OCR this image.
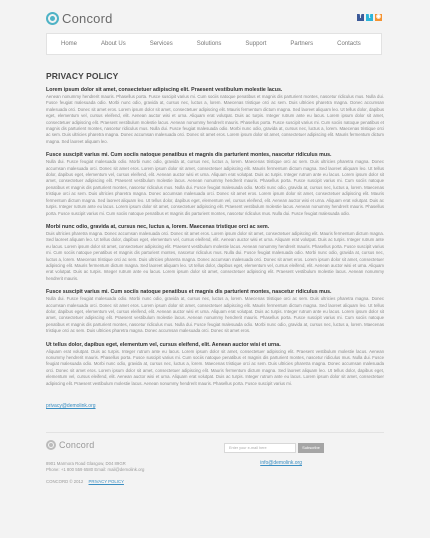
Concord	f	t ◉
Home	About Us	Services	Solutions	Support	Partners	Contacts
PRIVACY POLICY
Lorem ipsum dolor sit amet, consectetuer adipiscing elit. Praesent vestibulum molestie lacus.

Aenean nonummy hendrerit mauris. Phasellus porta. Fusce suscipit varius mi. Cum sociis natoque penatibus et magnis dis parturient montes, nascetur ridiculus mus. Nulla dui. Fusce feugiat malesuada odio. Morbi nunc odio, gravida at, cursus nec, luctus a, lorem. Maecenas tristique orci ac sem. Duis ultricies pharetra magna. Donec accumsan malesuada orci. Donec sit amet eros. Lorem ipsum dolor sit amet, consectetuer adipiscing elit. Mauris fermentum dictum magna. Sed laoreet aliquam leo. Ut tellus dolor, dapibus eget, elementum vel, cursus eleifend, elit. Aenean auctor wisi et urna. Aliquam erat volutpat. Duis ac turpis. Integer rutrum ante eu lacus. Lorem ipsum dolor sit amet, consectetuer adipiscing elit. Praesent vestibulum molestie lacus. Aenean nonummy hendrerit mauris. Phasellus porta. Fusce suscipit varius mi. Cum sociis natoque penatibus et magnis dis parturient montes, nascetur ridiculus mus. Nulla dui. Fusce feugiat malesuada odio. Morbi nunc odio, gravida at, cursus nec, luctus a, lorem. Maecenas tristique orci ac sem. Duis ultricies pharetra magna. Donec accumsan malesuada orci. Donec sit amet eros. Lorem ipsum dolor sit amet, consectetuer adipiscing elit. Mauris fermentum dictum magna. Sed laoreet aliquam leo.

Fusce suscipit varius mi. Cum sociis natoque penatibus et magnis dis parturient montes, nascetur ridiculus mus.

Nulla dui. Fusce feugiat malesuada odio. Morbi nunc odio, gravida at, cursus nec, luctus a, lorem. Maecenas tristique orci ac sem. Duis ultricies pharetra magna. Donec accumsan malesuada orci. Donec sit amet eros. Lorem ipsum dolor sit amet, consectetuer adipiscing elit. Mauris fermentum dictum magna. Sed laoreet aliquam leo. Ut tellus dolor, dapibus eget, elementum vel, cursus eleifend, elit. Aenean auctor wisi et urna. Aliquam erat volutpat. Duis ac turpis. Integer rutrum ante eu lacus. Lorem ipsum dolor sit amet, consectetuer adipiscing elit. Praesent vestibulum molestie lacus. Aenean nonummy hendrerit mauris. Phasellus porta. Fusce suscipit varius mi. Cum sociis natoque penatibus et magnis dis parturient montes, nascetur ridiculus mus. Nulla dui. Fusce feugiat malesuada odio. Morbi nunc odio, gravida at, cursus nec, luctus a, lorem. Maecenas tristique orci ac sem. Duis ultricies pharetra magna. Donec accumsan malesuada orci. Donec sit amet eros. Lorem ipsum dolor sit amet, consectetuer adipiscing elit. Mauris fermentum dictum magna. Sed laoreet aliquam leo. Ut tellus dolor, dapibus eget, elementum vel, cursus eleifend, elit. Aenean auctor wisi et urna. Aliquam erat volutpat. Duis ac turpis. Integer rutrum ante eu lacus. Lorem ipsum dolor sit amet, consectetuer adipiscing elit. Praesent vestibulum molestie lacus. Aenean nonummy hendrerit mauris. Phasellus porta. Fusce suscipit varius mi. Cum sociis natoque penatibus et magnis dis parturient montes, nascetur ridiculus mus. Nulla dui. Fusce feugiat malesuada odio.

Morbi nunc odio, gravida at, cursus nec, luctus a, lorem. Maecenas tristique orci ac sem.

Duis ultricies pharetra magna. Donec accumsan malesuada orci. Donec sit amet eros. Lorem ipsum dolor sit amet, consectetuer adipiscing elit. Mauris fermentum dictum magna. Sed laoreet aliquam leo. Ut tellus dolor, dapibus eget, elementum vel, cursus eleifend, elit. Aenean auctor wisi et urna. Aliquam erat volutpat. Duis ac turpis. Integer rutrum ante eu lacus. Lorem ipsum dolor sit amet, consectetuer adipiscing elit. Praesent vestibulum molestie lacus. Aenean nonummy hendrerit mauris. Phasellus porta. Fusce suscipit varius mi. Cum sociis natoque penatibus et magnis dis parturient montes, nascetur ridiculus mus. Nulla dui. Fusce feugiat malesuada odio. Morbi nunc odio, gravida at, cursus nec, luctus a, lorem. Maecenas tristique orci ac sem. Duis ultricies pharetra magna. Donec accumsan malesuada orci. Donec sit amet eros. Lorem ipsum dolor sit amet, consectetuer adipiscing elit. Mauris fermentum dictum magna. Sed laoreet aliquam leo. Ut tellus dolor, dapibus eget, elementum vel, cursus eleifend, elit. Aenean auctor wisi et urna. Aliquam erat volutpat. Duis ac turpis. Integer rutrum ante eu lacus. Lorem ipsum dolor sit amet, consectetuer adipiscing elit. Praesent vestibulum molestie lacus. Aenean nonummy hendrerit mauris.

Fusce suscipit varius mi. Cum sociis natoque penatibus et magnis dis parturient montes, nascetur ridiculus mus.

Nulla dui. Fusce feugiat malesuada odio. Morbi nunc odio, gravida at, cursus nec, luctus a, lorem. Maecenas tristique orci ac sem. Duis ultricies pharetra magna. Donec accumsan malesuada orci. Donec sit amet eros. Lorem ipsum dolor sit amet, consectetuer adipiscing elit. Mauris fermentum dictum magna. Sed laoreet aliquam leo. Ut tellus dolor, dapibus eget, elementum vel, cursus eleifend, elit. Aenean auctor wisi et urna. Aliquam erat volutpat. Duis ac turpis. Integer rutrum ante eu lacus. Lorem ipsum dolor sit amet, consectetuer adipiscing elit. Praesent vestibulum molestie lacus. Aenean nonummy hendrerit mauris. Phasellus porta. Fusce suscipit varius mi. Cum sociis natoque penatibus et magnis dis parturient montes, nascetur ridiculus mus. Nulla dui. Fusce feugiat malesuada odio. Morbi nunc odio, gravida at, cursus nec, luctus a, lorem. Maecenas tristique orci ac sem. Duis ultricies pharetra magna. Donec accumsan malesuada orci. Donec sit amet eros.

Ut tellus dolor, dapibus eget, elementum vel, cursus eleifend, elit. Aenean auctor wisi et urna.

Aliquam erat volutpat. Duis ac turpis. Integer rutrum ante eu lacus. Lorem ipsum dolor sit amet, consectetuer adipiscing elit. Praesent vestibulum molestie lacus. Aenean nonummy hendrerit mauris. Phasellus porta. Fusce suscipit varius mi. Cum sociis natoque penatibus et magnis dis parturient montes, nascetur ridiculus mus. Nulla dui. Fusce feugiat malesuada odio. Morbi nunc odio, gravida at, cursus nec, luctus a, lorem. Maecenas tristique orci ac sem. Duis ultricies pharetra magna. Donec accumsan malesuada orci. Donec sit amet eros. Lorem ipsum dolor sit amet, consectetuer adipiscing elit. Mauris fermentum dictum magna. Sed laoreet aliquam leo. Ut tellus dolor, dapibus eget, elementum vel, cursus eleifend, elit. Aenean auctor wisi et urna. Aliquam erat volutpat. Duis ac turpis. Integer rutrum ante eu lacus. Lorem ipsum dolor sit amet, consectetuer adipiscing elit. Praesent vestibulum molestie lacus. Aenean nonummy hendrerit mauris. Phasellus porta. Fusce suscipit varius mi.

privacy@demolink.org
Concord
8901 Marmora Road Glasgow, D04 89GR
Phone: +1 800 559 6580 Email: mail@demolink.org
CONCORD © 2012 PRIVACY POLICY
Enter your e-mail here	Subscribe
info@demolink.org
